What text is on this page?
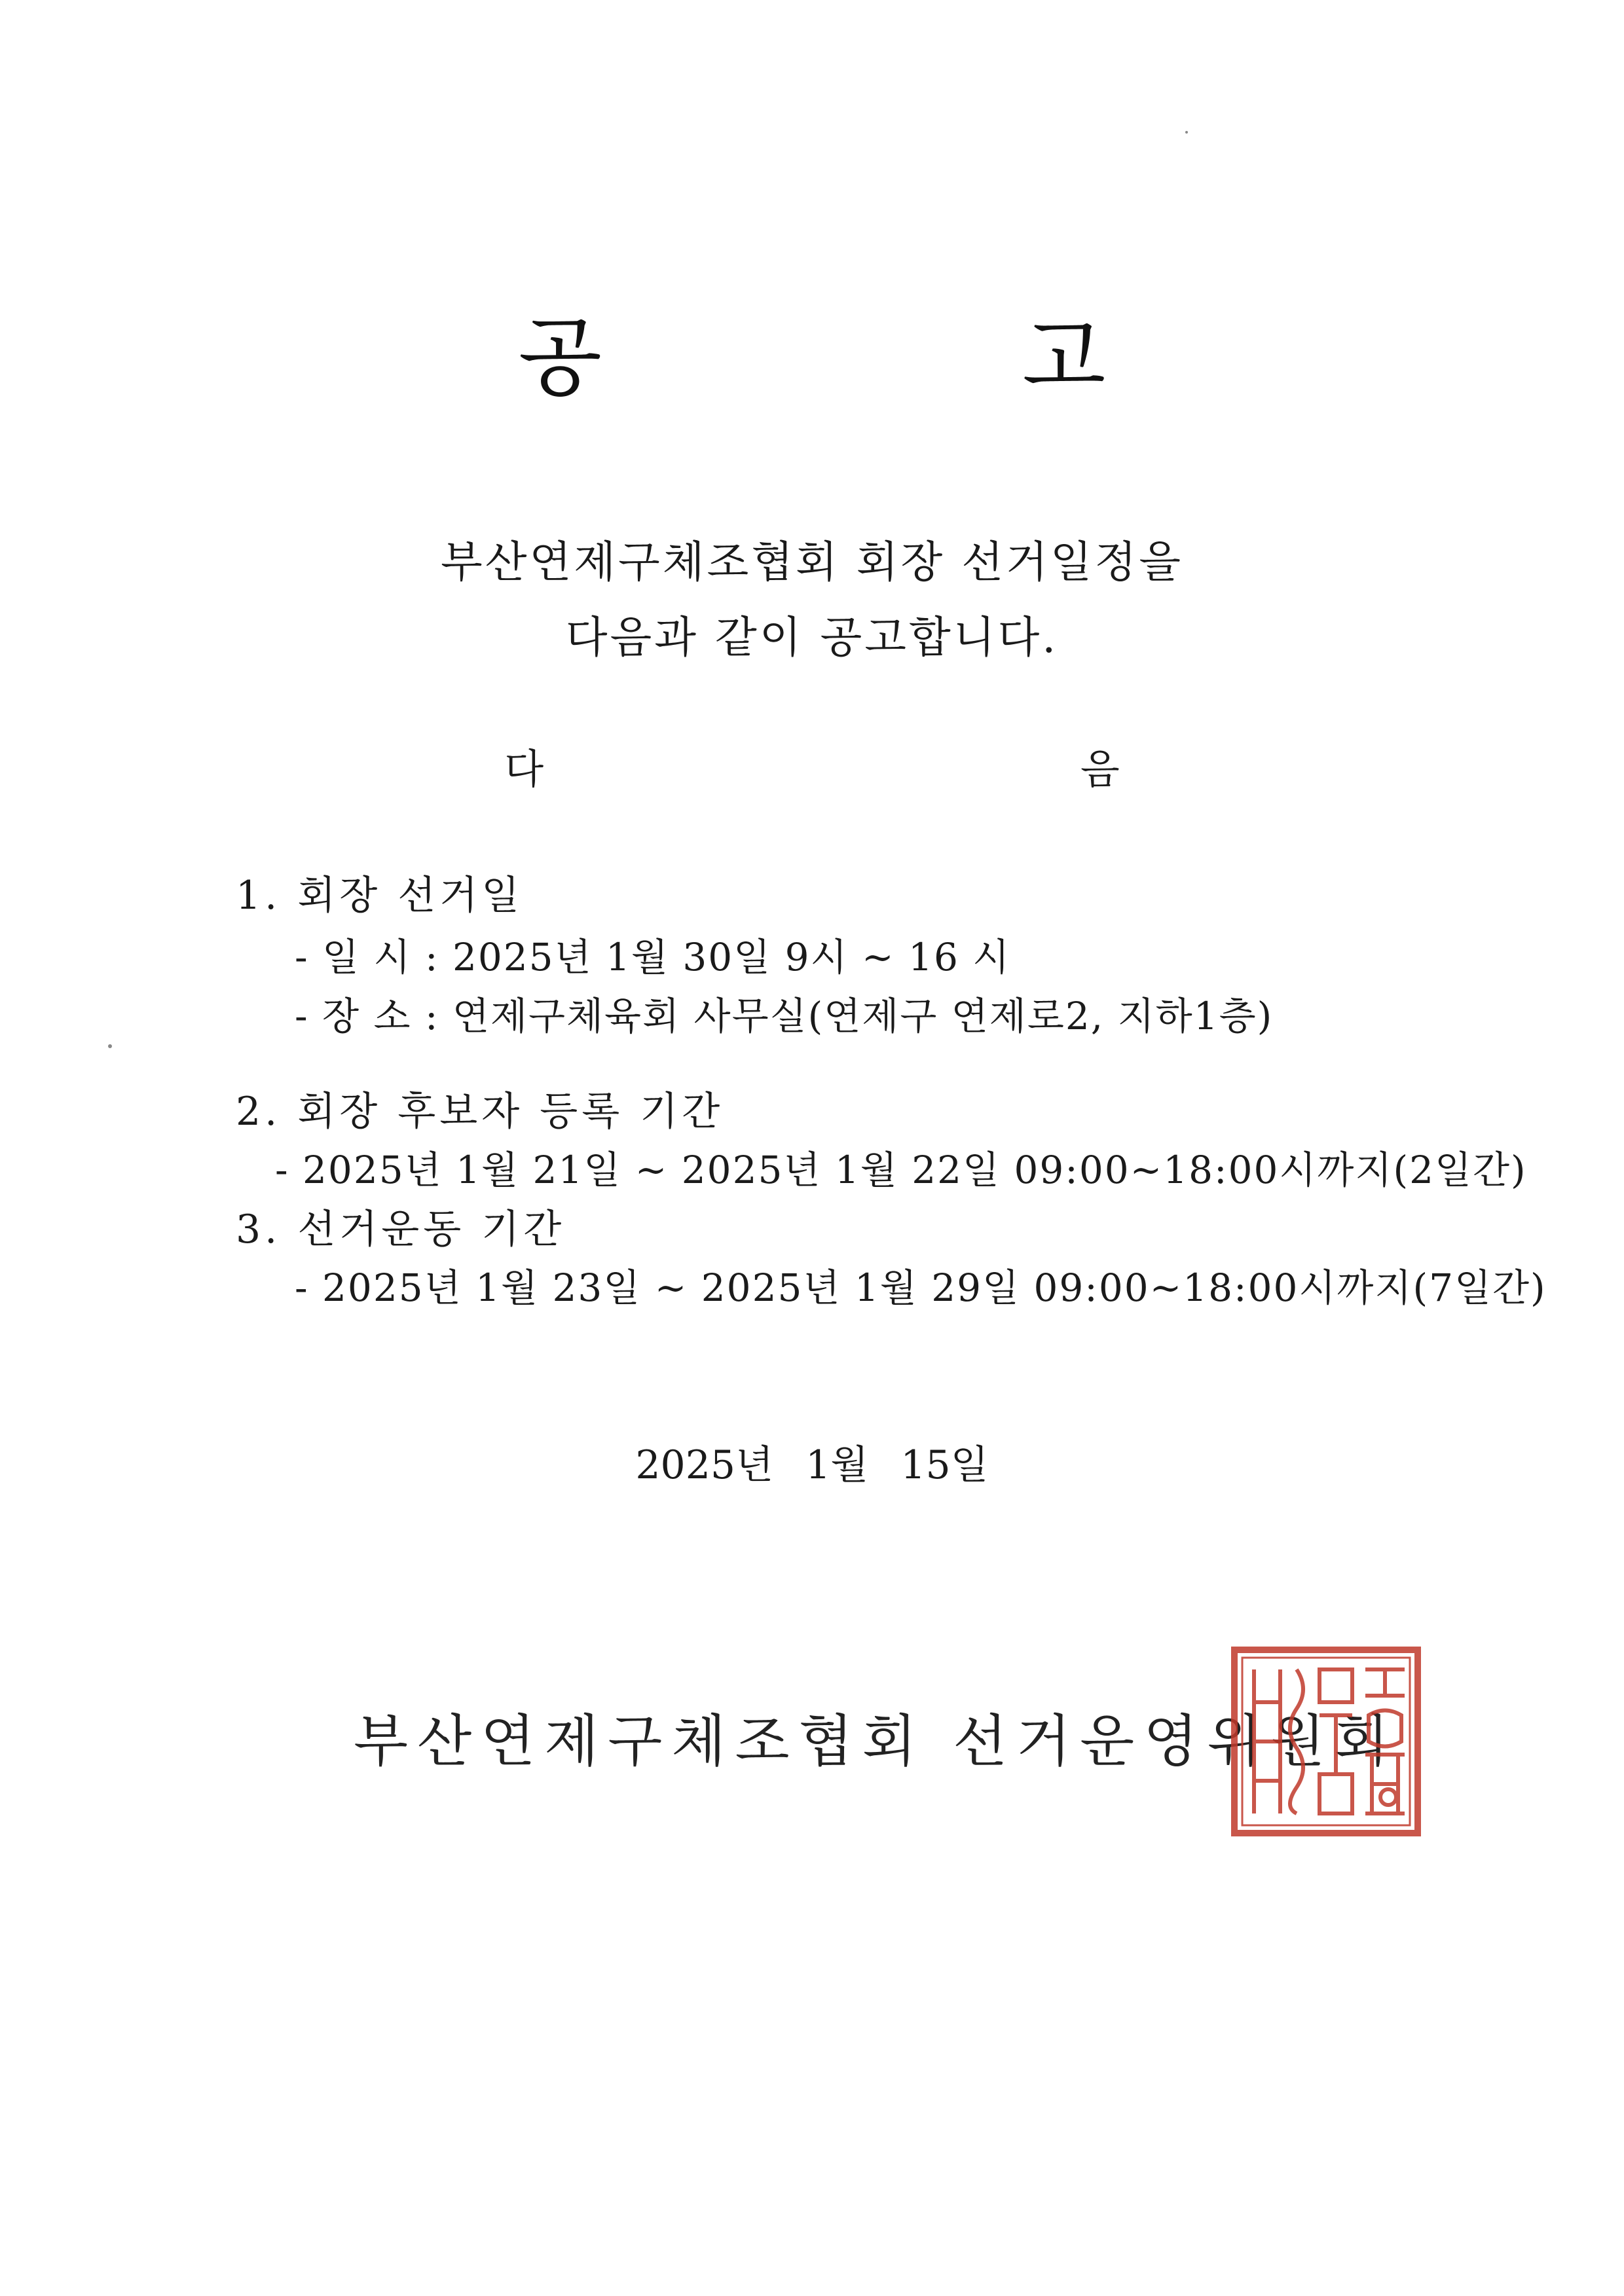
공 고
부산연제구체조협회 회장 선거일정을
다음과 같이 공고합니다.
다 음
1. 회장 선거일
- 일 시 : 2025년 1월 30일 9시 ~ 16 시
- 장 소 : 연제구체육회 사무실(연제구 연제로2, 지하1층)
2. 회장 후보자 등록 기간
- 2025년 1월 21일 ~ 2025년 1월 22일 09:00~18:00시까지(2일간)
3. 선거운동 기간
- 2025년 1월 23일 ~ 2025년 1월 29일 09:00~18:00시까지(7일간)
2025년 1월 15일
부산연제구체조협회 선거운영위원회
